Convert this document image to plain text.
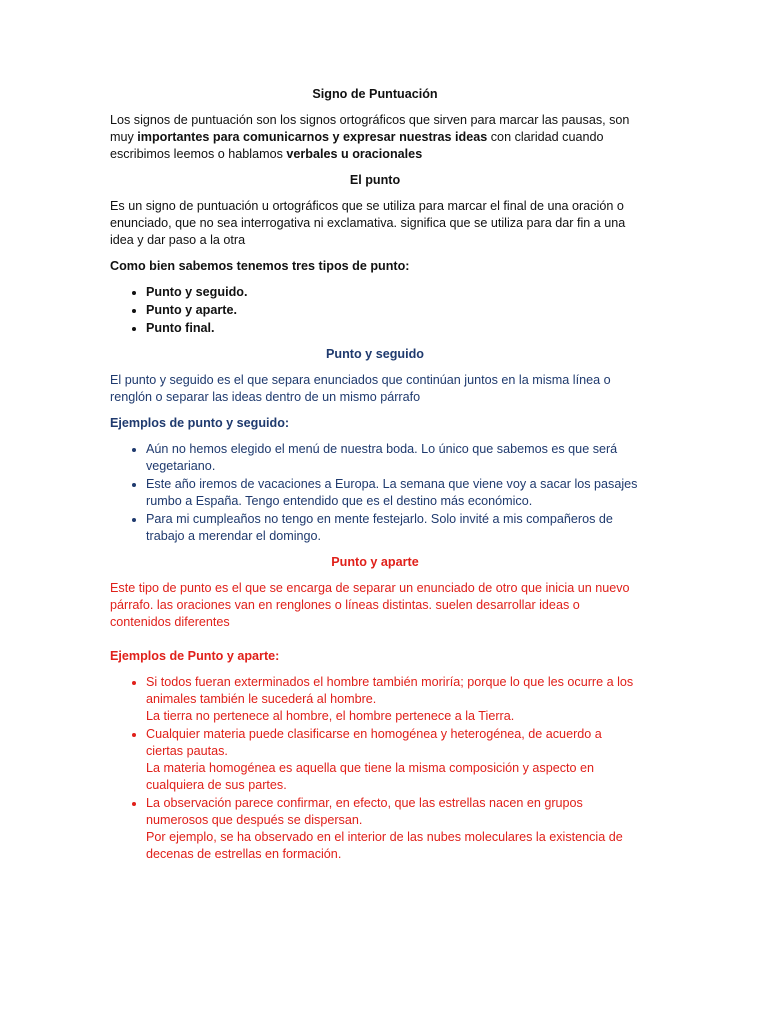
Signo de Puntuación

Los signos de puntuación son los signos ortográficos que sirven para marcar las pausas, son muy importantes para comunicarnos y expresar nuestras ideas con claridad cuando escribimos leemos o hablamos verbales u oracionales

El punto

Es un signo de puntuación u ortográficos que se utiliza para marcar el final de una oración o enunciado, que no sea interrogativa ni exclamativa. significa que se utiliza para dar fin a una idea y dar paso a la otra

Como bien sabemos tenemos tres tipos de punto:

• Punto y seguido.
• Punto y aparte.
• Punto final.
Punto y seguido

El punto y seguido es el que separa enunciados que continúan juntos en la misma línea o renglón o separar las ideas dentro de un mismo párrafo

Ejemplos de punto y seguido:

• Aún no hemos elegido el menú de nuestra boda. Lo único que sabemos es que será vegetariano.
• Este año iremos de vacaciones a Europa. La semana que viene voy a sacar los pasajes rumbo a España. Tengo entendido que es el destino más económico.
• Para mi cumpleaños no tengo en mente festejarlo. Solo invité a mis compañeros de trabajo a merendar el domingo.
Punto y aparte

Este tipo de punto es el que se encarga de separar un enunciado de otro que inicia un nuevo párrafo. las oraciones van en renglones o líneas distintas. suelen desarrollar ideas o contenidos diferentes

Ejemplos de Punto y aparte:

• Si todos fueran exterminados el hombre también moriría; porque lo que les ocurre a los animales también le sucederá al hombre.
La tierra no pertenece al hombre, el hombre pertenece a la Tierra.
• Cualquier materia puede clasificarse en homogénea y heterogénea, de acuerdo a ciertas pautas.
La materia homogénea es aquella que tiene la misma composición y aspecto en cualquiera de sus partes.
• La observación parece confirmar, en efecto, que las estrellas nacen en grupos numerosos que después se dispersan.
Por ejemplo, se ha observado en el interior de las nubes moleculares la existencia de decenas de estrellas en formación.
